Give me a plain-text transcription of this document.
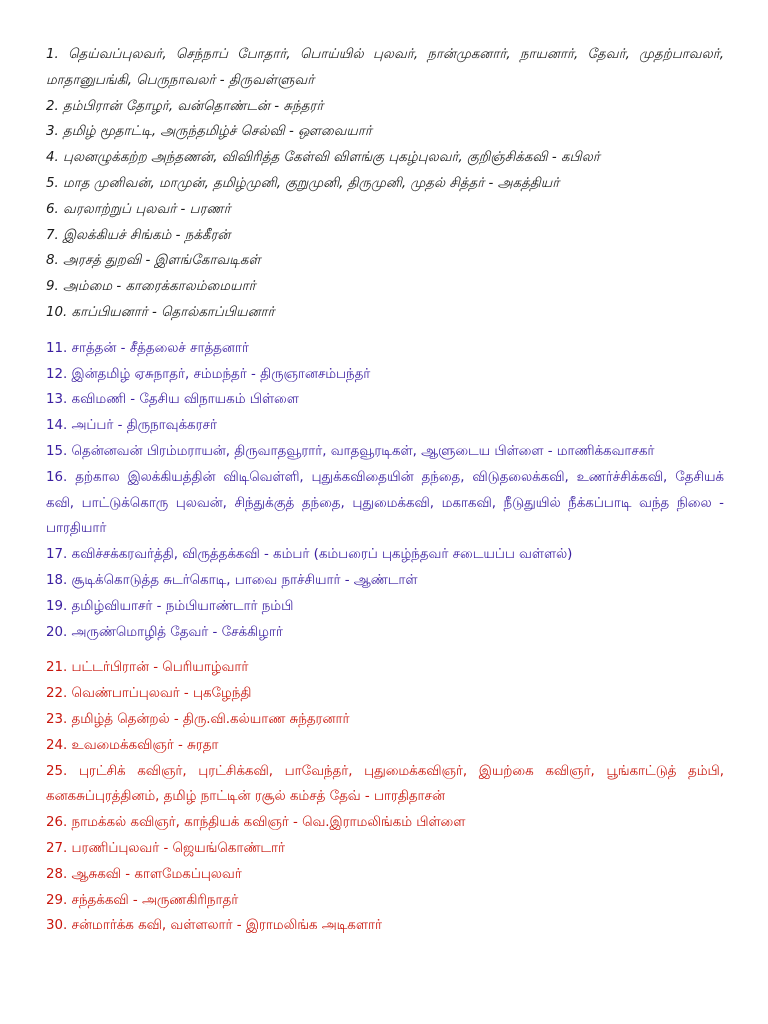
1. தெய்வப்புலவர், செந்நாப் போதார், பொய்யில் புலவர், நான்முகனார், நாயனார், தேவர், முதற்பாவலர், மாதானுபங்கி, பெருநாவலர் - திருவள்ளுவர்

2. தம்பிரான் தோழர், வன்தொண்டன் - சுந்தரர்

3. தமிழ் மூதாட்டி, அருந்தமிழ்ச் செல்வி - ஔவையார்

4. புலனழுக்கற்ற அந்தணன், விவிரித்த கேள்வி விளங்கு புகழ்புலவர், குறிஞ்சிக்கவி - கபிலர்

5. மாத முனிவன், மாமுன், தமிழ்முனி, குறுமுனி, திருமுனி, முதல் சித்தர் - அகத்தியர்

6. வரலாற்றுப் புலவர் - பரணர்

7. இலக்கியச் சிங்கம் - நக்கீரன்

8. அரசத் துறவி - இளங்கோவடிகள்

9. அம்மை - காரைக்காலம்மையார்

10. காப்பியனார் - தொல்காப்பியனார்

11. சாத்தன் - சீத்தலைச் சாத்தனார்

12. இன்தமிழ் ஏசுநாதர், சம்மந்தர் - திருஞானசம்பந்தர்

13. கவிமணி - தேசிய விநாயகம் பிள்ளை

14. அப்பர் - திருநாவுக்கரசர்

15. தென்னவன் பிரம்மராயன், திருவாதவூரார், வாதவூரடிகள், ஆளுடைய பிள்ளை - மாணிக்கவாசகர்

16. தற்கால இலக்கியத்தின் விடிவெள்ளி, புதுக்கவிதையின் தந்தை, விடுதலைக்கவி, உணர்ச்சிக்கவி, தேசியக் கவி, பாட்டுக்கொரு புலவன், சிந்துக்குத் தந்தை, புதுமைக்கவி, மகாகவி, நீடுதுயில் நீக்கப்பாடி வந்த நிலை - பாரதியார்

17. கவிச்சக்கரவர்த்தி, விருத்தக்கவி - கம்பர் (கம்பரைப் புகழ்ந்தவர் சடையப்ப வள்ளல்)

18. சூடிக்கொடுத்த சுடர்கொடி, பாவை நாச்சியார் - ஆண்டாள்

19. தமிழ்வியாசர் - நம்பியாண்டார் நம்பி

20. அருண்மொழித் தேவர் - சேக்கிழார்

21. பட்டர்பிரான் - பெரியாழ்வார்

22. வெண்பாப்புலவர் - புகழேந்தி

23. தமிழ்த் தென்றல் - திரு.வி.கல்யாண சுந்தரனார்

24. உவமைக்கவிஞர் - சுரதா

25. புரட்சிக் கவிஞர், புரட்சிக்கவி, பாவேந்தர், புதுமைக்கவிஞர், இயற்கை கவிஞர், பூங்காட்டுத் தம்பி, கனகசுப்புரத்தினம், தமிழ் நாட்டின் ரசூல் கம்சத் தேவ் - பாரதிதாசன்

26. நாமக்கல் கவிஞர், காந்தியக் கவிஞர் - வெ.இராமலிங்கம் பிள்ளை

27. பரணிப்புலவர் - ஜெயங்கொண்டார்

28. ஆசுகவி - காளமேகப்புலவர்

29. சந்தக்கவி - அருணகிரிநாதர்

30. சன்மார்க்க கவி, வள்ளலார் - இராமலிங்க அடிகளார்
